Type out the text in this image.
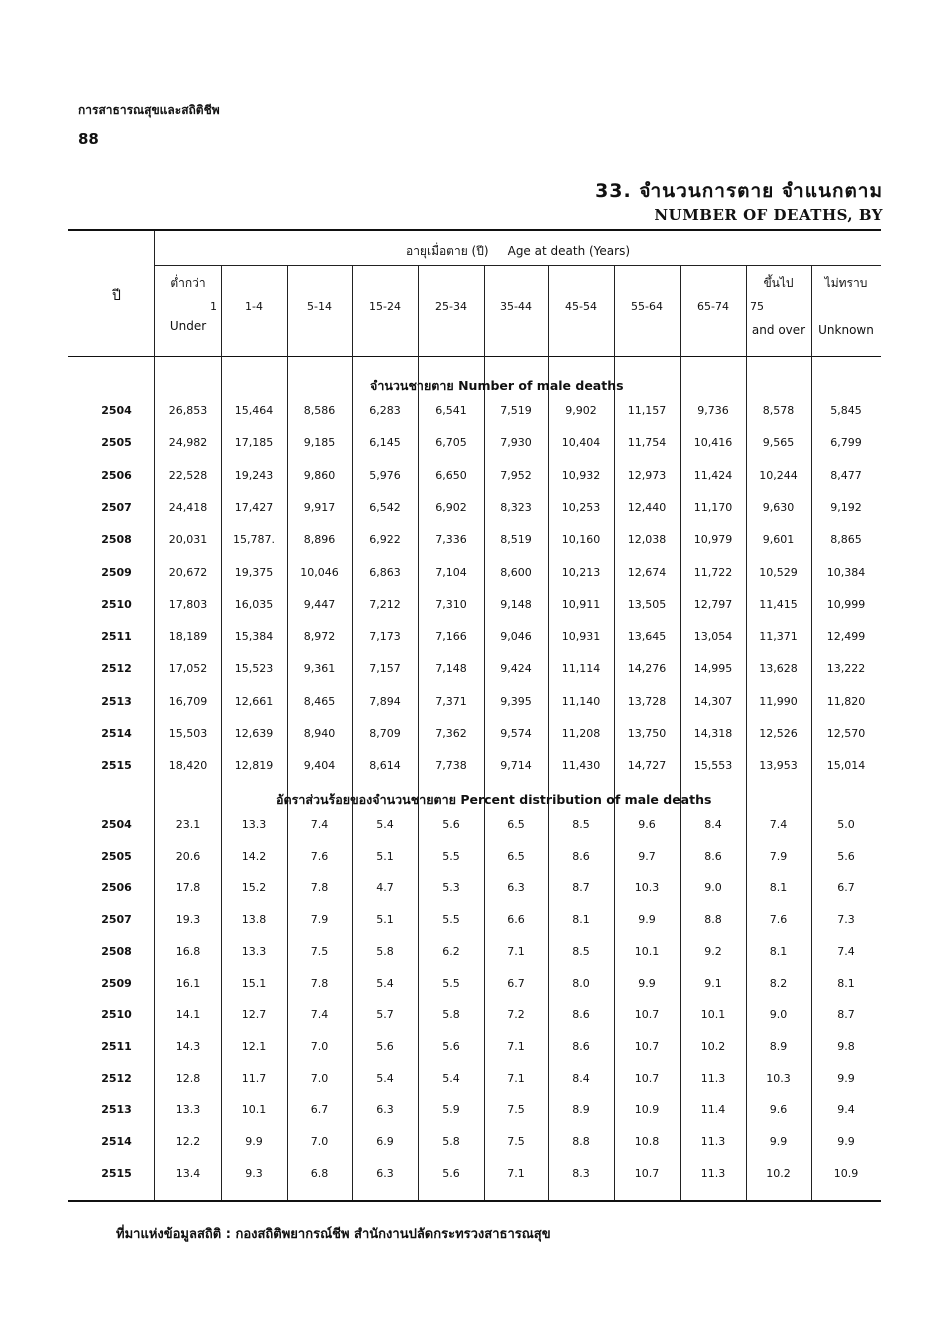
การสาธารณสุขและสถิติชีพ
88
33. จำนวนการตาย จำแนกตาม
NUMBER OF DEATHS, BY
ปี
อายุเมื่อตาย (ปี)     Age at death (Years)
ต่ำกว่า
1
Under
1-4	5-14	15-24	25-34	35-44	45-54	55-64	65-74
ขึ้นไป
75
and over
ไม่ทราบ
Unknown
จำนวนชายตาย Number of male deaths
2504	26,853	15,464	8,586	6,283	6,541	7,519	9,902	11,157	9,736	8,578	5,845
2505	24,982	17,185	9,185	6,145	6,705	7,930	10,404	11,754	10,416	9,565	6,799
2506	22,528	19,243	9,860	5,976	6,650	7,952	10,932	12,973	11,424	10,244	8,477
2507	24,418	17,427	9,917	6,542	6,902	8,323	10,253	12,440	11,170	9,630	9,192
2508	20,031	15,787.	8,896	6,922	7,336	8,519	10,160	12,038	10,979	9,601	8,865
2509	20,672	19,375	10,046	6,863	7,104	8,600	10,213	12,674	11,722	10,529	10,384
2510	17,803	16,035	9,447	7,212	7,310	9,148	10,911	13,505	12,797	11,415	10,999
2511	18,189	15,384	8,972	7,173	7,166	9,046	10,931	13,645	13,054	11,371	12,499
2512	17,052	15,523	9,361	7,157	7,148	9,424	11,114	14,276	14,995	13,628	13,222
2513	16,709	12,661	8,465	7,894	7,371	9,395	11,140	13,728	14,307	11,990	11,820
2514	15,503	12,639	8,940	8,709	7,362	9,574	11,208	13,750	14,318	12,526	12,570
2515	18,420	12,819	9,404	8,614	7,738	9,714	11,430	14,727	15,553	13,953	15,014
อัตราส่วนร้อยของจำนวนชายตาย Percent distribution of male deaths
2504	23.1	13.3	7.4	5.4	5.6	6.5	8.5	9.6	8.4	7.4	5.0
2505	20.6	14.2	7.6	5.1	5.5	6.5	8.6	9.7	8.6	7.9	5.6
2506	17.8	15.2	7.8	4.7	5.3	6.3	8.7	10.3	9.0	8.1	6.7
2507	19.3	13.8	7.9	5.1	5.5	6.6	8.1	9.9	8.8	7.6	7.3
2508	16.8	13.3	7.5	5.8	6.2	7.1	8.5	10.1	9.2	8.1	7.4
2509	16.1	15.1	7.8	5.4	5.5	6.7	8.0	9.9	9.1	8.2	8.1
2510	14.1	12.7	7.4	5.7	5.8	7.2	8.6	10.7	10.1	9.0	8.7
2511	14.3	12.1	7.0	5.6	5.6	7.1	8.6	10.7	10.2	8.9	9.8
2512	12.8	11.7	7.0	5.4	5.4	7.1	8.4	10.7	11.3	10.3	9.9
2513	13.3	10.1	6.7	6.3	5.9	7.5	8.9	10.9	11.4	9.6	9.4
2514	12.2	9.9	7.0	6.9	5.8	7.5	8.8	10.8	11.3	9.9	9.9
2515	13.4	9.3	6.8	6.3	5.6	7.1	8.3	10.7	11.3	10.2	10.9
ที่มาแห่งข้อมูลสถิติ : กองสถิติพยากรณ์ชีพ สำนักงานปลัดกระทรวงสาธารณสุข
